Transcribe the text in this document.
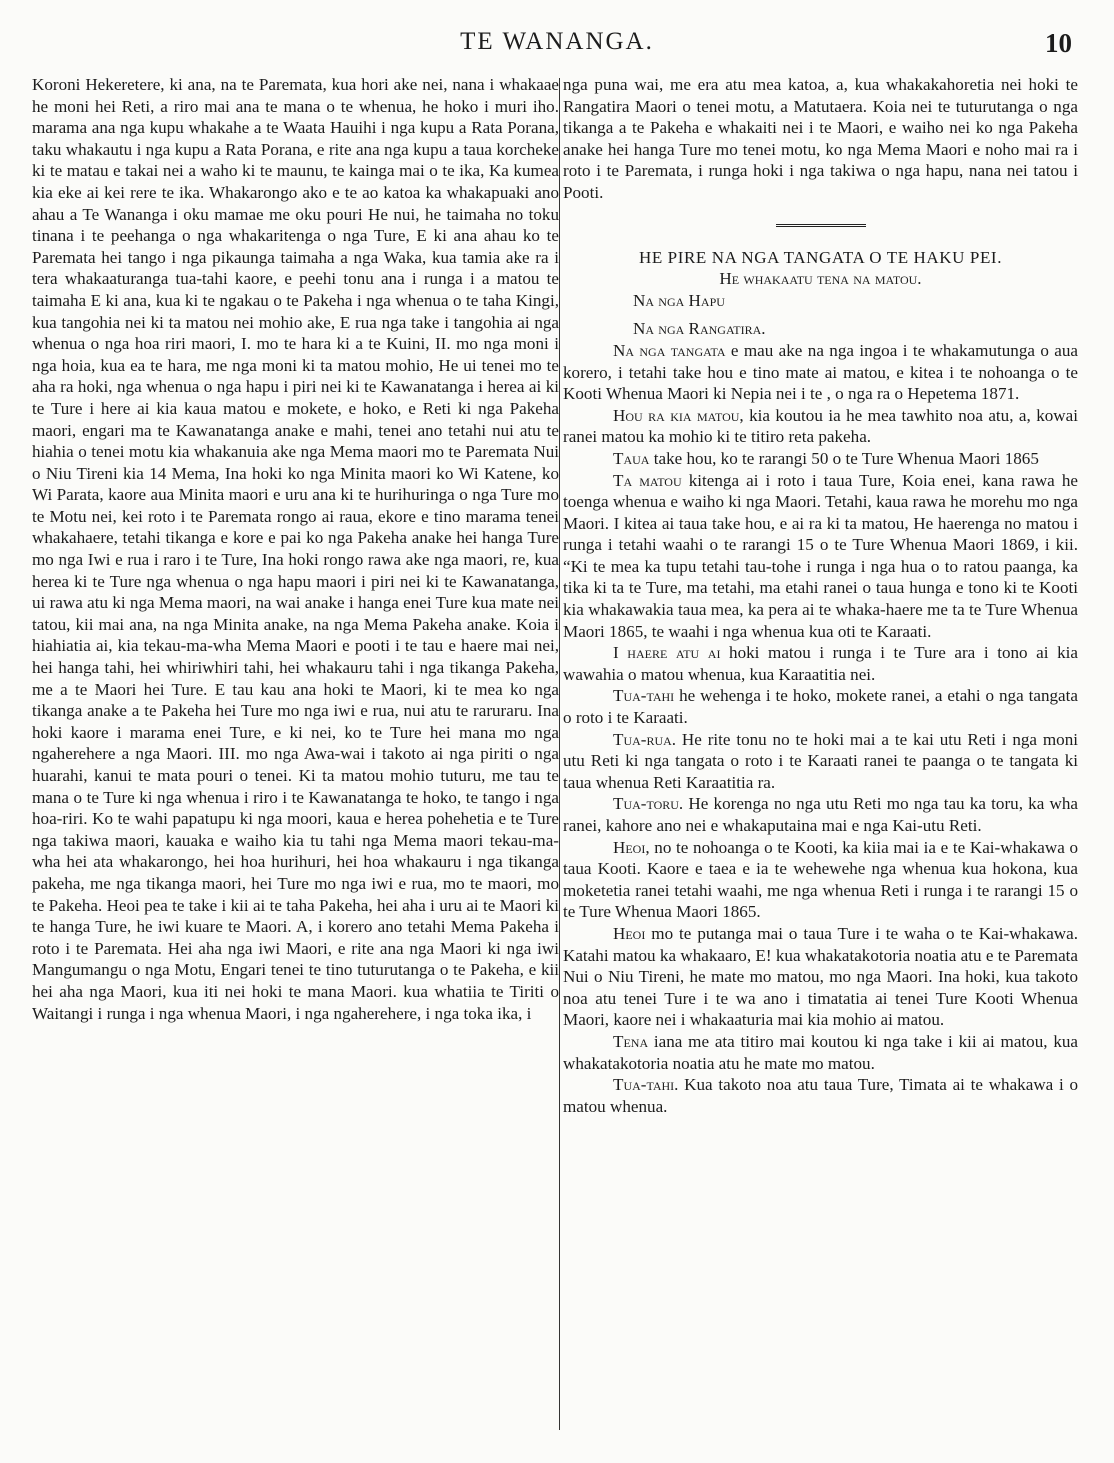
TE WANANGA.	10

Koroni Hekeretere, ki ana, na te Paremata, kua hori ake nei, nana i whakaae he moni hei Reti, a riro mai ana te mana o te whenua, he hoko i muri iho. marama ana nga kupu whakahe a te Waata Hauihi i nga kupu a Rata Porana, taku whakautu i nga kupu a Rata Porana, e rite ana nga kupu a taua korcheke ki te matau e takai nei a waho ki te maunu, te kainga mai o te ika, Ka kumea kia eke ai kei rere te ika. Whakarongo ako e te ao katoa ka whakapuaki ano ahau a Te Wananga i oku mamae me oku pouri He nui, he taimaha no toku tinana i te peehanga o nga whakaritenga o nga Ture, E ki ana ahau ko te Paremata hei tango i nga pikaunga taimaha a nga Waka, kua tamia ake ra i tera whakaaturanga tua-tahi kaore, e peehi tonu ana i runga i a matou te taimaha E ki ana, kua ki te ngakau o te Pakeha i nga whenua o te taha Kingi, kua tangohia nei ki ta matou nei mohio ake, E rua nga take i tangohia ai nga whenua o nga hoa riri maori, I. mo te hara ki a te Kuini, II. mo nga moni i nga hoia, kua ea te hara, me nga moni ki ta matou mohio, He ui tenei mo te aha ra hoki, nga whenua o nga hapu i piri nei ki te Kawanatanga i herea ai ki te Ture i here ai kia kaua matou e mokete, e hoko, e Reti ki nga Pakeha maori, engari ma te Kawanatanga anake e mahi, tenei ano tetahi nui atu te hiahia o tenei motu kia whakanuia ake nga Mema maori mo te Paremata Nui o Niu Tireni kia 14 Mema, Ina hoki ko nga Minita maori ko Wi Katene, ko Wi Parata, kaore aua Minita maori e uru ana ki te hurihuringa o nga Ture mo te Motu nei, kei roto i te Paremata rongo ai raua, ekore e tino marama tenei whakahaere, tetahi tikanga e kore e pai ko nga Pakeha anake hei hanga Ture mo nga Iwi e rua i raro i te Ture, Ina hoki rongo rawa ake nga maori, re, kua herea ki te Ture nga whenua o nga hapu maori i piri nei ki te Kawanatanga, ui rawa atu ki nga Mema maori, na wai anake i hanga enei Ture kua mate nei tatou, kii mai ana, na nga Minita anake, na nga Mema Pakeha anake. Koia i hiahiatia ai, kia tekau-ma-wha Mema Maori e pooti i te tau e haere mai nei, hei hanga tahi, hei whiriwhiri tahi, hei whakauru tahi i nga tikanga Pakeha, me a te Maori hei Ture. E tau kau ana hoki te Maori, ki te mea ko nga tikanga anake a te Pakeha hei Ture mo nga iwi e rua, nui atu te raruraru. Ina hoki kaore i marama enei Ture, e ki nei, ko te Ture hei mana mo nga ngaherehere a nga Maori. III. mo nga Awa-wai i takoto ai nga piriti o nga huarahi, kanui te mata pouri o tenei. Ki ta matou mohio tuturu, me tau te mana o te Ture ki nga whenua i riro i te Kawanatanga te hoko, te tango i nga hoa-riri. Ko te wahi papatupu ki nga moori, kaua e herea pohehetia e te Ture nga takiwa maori, kauaka e waiho kia tu tahi nga Mema maori tekau-ma-wha hei ata whakarongo, hei hoa hurihuri, hei hoa whakauru i nga tikanga pakeha, me nga tikanga maori, hei Ture mo nga iwi e rua, mo te maori, mo te Pakeha. Heoi pea te take i kii ai te taha Pakeha, hei aha i uru ai te Maori ki te hanga Ture, he iwi kuare te Maori. A, i korero ano tetahi Mema Pakeha i roto i te Paremata. Hei aha nga iwi Maori, e rite ana nga Maori ki nga iwi Mangumangu o nga Motu, Engari tenei te tino tuturutanga o te Pakeha, e kii hei aha nga Maori, kua iti nei hoki te mana Maori. kua whatiia te Tiriti o Waitangi i runga i nga whenua Maori, i nga ngaherehere, i nga toka ika, i

nga puna wai, me era atu mea katoa, a, kua whakakahoretia nei hoki te Rangatira Maori o tenei motu, a Matutaera. Koia nei te tuturutanga o nga tikanga a te Pakeha e whakaiti nei i te Maori, e waiho nei ko nga Pakeha anake hei hanga Ture mo tenei motu, ko nga Mema Maori e noho mai ra i roto i te Paremata, i runga hoki i nga takiwa o nga hapu, nana nei tatou i Pooti.

HE PIRE NA NGA TANGATA O TE HAKU PEI.

He whakaatu tena na matou.

Na nga Hapu

Na nga Rangatira.

Na nga tangata e mau ake na nga ingoa i te whakamutunga o aua korero, i tetahi take hou e tino mate ai matou, e kitea i te nohoanga o te Kooti Whenua Maori ki Nepia nei i te , o nga ra o Hepetema 1871.

Hou ra kia matou, kia koutou ia he mea tawhito noa atu, a, kowai ranei matou ka mohio ki te titiro reta pakeha.

Taua take hou, ko te rarangi 50 o te Ture Whenua Maori 1865

Ta matou kitenga ai i roto i taua Ture, Koia enei, kana rawa he toenga whenua e waiho ki nga Maori. Tetahi, kaua rawa he morehu mo nga Maori. I kitea ai taua take hou, e ai ra ki ta matou, He haerenga no matou i runga i tetahi waahi o te rarangi 15 o te Ture Whenua Maori 1869, i kii. “Ki te mea ka tupu tetahi tau-tohe i runga i nga hua o to ratou paanga, ka tika ki ta te Ture, ma tetahi, ma etahi ranei o taua hunga e tono ki te Kooti kia whakawakia taua mea, ka pera ai te whaka-haere me ta te Ture Whenua Maori 1865, te waahi i nga whenua kua oti te Karaati.

I haere atu ai hoki matou i runga i te Ture ara i tono ai kia wawahia o matou whenua, kua Karaatitia nei.

Tua-tahi he wehenga i te hoko, mokete ranei, a etahi o nga tangata o roto i te Karaati.

Tua-rua. He rite tonu no te hoki mai a te kai utu Reti i nga moni utu Reti ki nga tangata o roto i te Karaati ranei te paanga o te tangata ki taua whenua Reti Karaatitia ra.

Tua-toru. He korenga no nga utu Reti mo nga tau ka toru, ka wha ranei, kahore ano nei e whakaputaina mai e nga Kai-utu Reti.

Heoi, no te nohoanga o te Kooti, ka kiia mai ia e te Kai-whakawa o taua Kooti. Kaore e taea e ia te wehewehe nga whenua kua hokona, kua moketetia ranei tetahi waahi, me nga whenua Reti i runga i te rarangi 15 o te Ture Whenua Maori 1865.

Heoi mo te putanga mai o taua Ture i te waha o te Kai-whakawa. Katahi matou ka whakaaro, E! kua whakatakotoria noatia atu e te Paremata Nui o Niu Tireni, he mate mo matou, mo nga Maori. Ina hoki, kua takoto noa atu tenei Ture i te wa ano i timatatia ai tenei Ture Kooti Whenua Maori, kaore nei i whakaaturia mai kia mohio ai matou.

Tena iana me ata titiro mai koutou ki nga take i kii ai matou, kua whakatakotoria noatia atu he mate mo matou.

Tua-tahi. Kua takoto noa atu taua Ture, Timata ai te whakawa i o matou whenua.
